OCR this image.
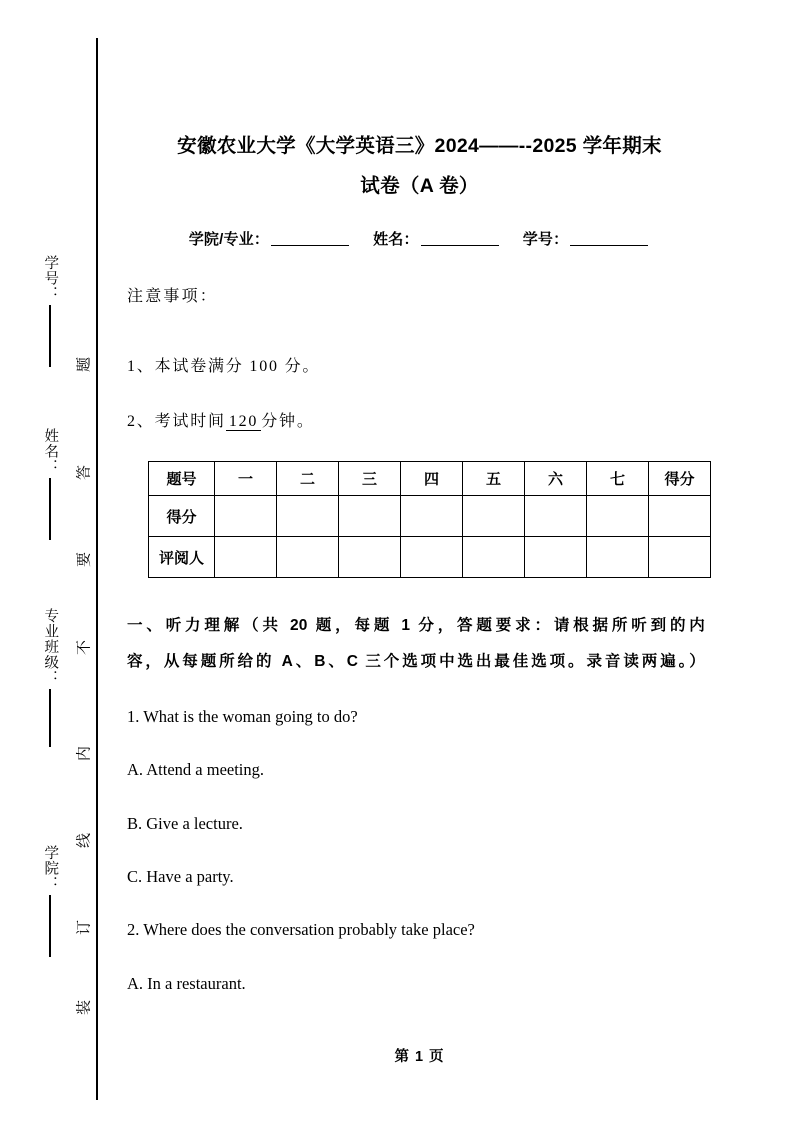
学号：
姓名：
专业班级：
学院：
题
答
要
不
内
线
订
装
安徽农业大学《大学英语三》2024——--2025 学年期末
试卷（A 卷）
学院/专业：	姓名：	学号：
注意事项：
1、本试卷满分 100 分。
2、考试时间 120 分钟。
题号	一	二	三	四	五	六	七	得分
得分								
评阅人								
一、听力理解（共 20 题，每题 1 分，答题要求：请根据所听到的内
容，从每题所给的 A、B、C 三个选项中选出最佳选项。录音读两遍。）
1. What is the woman going to do?
A. Attend a meeting.
B. Give a lecture.
C. Have a party.
2. Where does the conversation probably take place?
A. In a restaurant.
第 1 页
